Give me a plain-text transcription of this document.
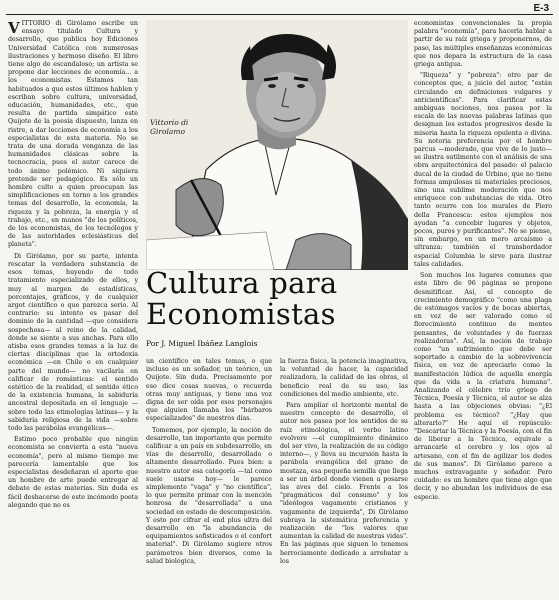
E-3

VITTORIO di Giròlamo escribe un ensayo titulado Cultura y desarrollo, que publica hoy Ediciones Universidad Católica con numerosas ilustraciones y hermoso diseño. El libro tiene algo de escandaloso; un artista se propone dar lecciones de economía... a los economistas. Estamos tan habituados a que estos últimos hablen y escriban sobre cultura, universidad, educación, humanidades, etc., que resulta de partida simpático este Quijote de la poesía dispuesto, lanza en ristre, a dar lecciones de economía a los especialistas de esta materia. No se trata de una dorada venganza de las humanidades clásicas sobre la tecnocracia, pues el autor carece de todo ánimo polémico. Ni siquiera pretende ser pedagógico. Es sólo un hombre culto a quien preocupan las simplificaciones en torno a los grandes temas del desarrollo, la economía, la riqueza y la pobreza, la energía y el trabajo, etc., en manos "de los políticos, de los economistas, de los tecnólogos y de las autoridades eclesiásticas del planeta".

Di Giròlamo, por su parte, intenta rescatar la verdadera substancia de esos temas, huyendo de todo tratamiento especializado de ellos, y muy al margen de estadísticas, porcentajes, gráficos, y de cualquier argot científico o que parezca serio. Al contrario: su intento es pasar del dominio de la cantidad —que considera sospechosa— al reino de la calidad, donde se siente a sus anchas. Para ello atisba esos grandes temas a la luz de ciertas disciplinas que la ortodoxia económica —en Chile o en cualquier parte del mundo— no vacilaría en calificar de románticas: el sentido estético de la realidad, el sentido ético de la existencia humana, la sabiduría ancestral depositada en el lenguaje —sobre todo las etimologías latinas— y la sabiduría religiosa de la vida —sobre todo las parábolas evangélicas—.

Estimo poco probable que ningún economista se convierta a esta "nueva economía", pero al mismo tiempo me parecería lamentable que los especialistas desdeñaran el aporte que un hombre de arte puede entregar al debate de estas materias. Sin duda es fácil deshacerse de este incómodo poeta alegando que no es

Vittorio di Girolamo
Cultura para
Economistas
Por J. Miguel Ibáñez Langlois

un científico en tales temas, o que incluso es un soñador, un teórico, un Quijote. Sin duda. Precisamente por eso dice cosas nuevas, o recuerda otras muy antiguas, y tiene una voz digna de ser oída por esos personajes que alguien llamaba los "bárbaros especializados" de nuestros días.

Tomemos, por ejemplo, la noción de desarrollo, tan importante que permite calificar a un país en subdesarrollo, en vías de desarrollo, desarrollado o altamente desarrollado. Pues bien: a nuestro autor esa categoría —tal como suele usarse hoy— le parece simplemente "vaga" y "no científica", lo que permite primar con la mención honrosa de "desarrollada" a una sociedad en estado de descomposición. Y esto por cifrar el end plus ultra del desarrollo en "la abundancia de equipamientos sofisticados o el confort material". Di Giròlamo sugiere otros parámetros bien diversos, como la salud biológica,

la fuerza física, la potencia imaginativa, la voluntad de hacer, la capacidad realizadora, la calidad de las obras, el beneficio real de su uso, las condiciones del medio ambiente, etc.

Para ampliar el horizonte mental de nuestro concepto de desarrollo, el autor nos pasea por los sentidos de su raíz etimológica, el verbo latino evolvere —el cumplimiento dinámico del ser vivo, la realización de su código interno—, y lleva su incursión hasta la parábola evangélica del grano de mostaza, esa pequeña semilla que llega a ser un árbol donde vienen a posarse las aves del cielo. Frente a los "pragmáticos del consumo" y los "ideólogos vagamente cristianos y vagamente de izquierda", Di Giròlamo subraya la sistemática preferencia y realización de "los valores que aumentan la calidad de nuestras vidas". En las páginas que siguen lo tenemos herrociamente dedicado a arrebatar a los

economistas convencionales la propia palabra "economía", para hacerla hablar a partir de su raíz griega y proponernos, de paso, las múltiples enseñanzas económicas que nos depara la estructura de la casa griega antigua.

"Riqueza" y "pobreza": otro par de conceptos que, a juicio del autor, "están circulando en definiciones vulgares y anticientíficas". Para clarificar estas ambiguas nociones, nos pasea por la escala de las nuevas palabras latinas que designan los estados progresivos desde la miseria hasta la riqueza opulenta o divina. Su notoria preferencia por el hombre parcus —moderado, que vive de lo justo— se ilustra sutilmente con el análisis de una obra arquitectónica del pasado: el palacio ducal de la ciudad de Urbino, que no tiene formas ampulosas ni materiales preciosos, sino una sublime moderación que nos enriquece con substancias de vida. Otro tanto ocurre con los murales de Piero della Francesca: estos ejemplos nos ayudan "a concebir lugares y objetos, pocos, puros y purificantes". No se piense, sin embargo, en un mero arcaísmo a ultranza: también el transbordador espacial Columbia le sirve para ilustrar tales calidades.

Son muchos los lugares comunes que este libro de 96 páginas se propone desmitificar. Así, el concepto de crecimiento demográfico "como una plaga de estómagos vacíos y de bocas abiertas, en vez de ser valorado como el florecimiento continuo de mentes pensantes, de voluntades y de fuerzas realizadoras". Así, la noción de trabajo como "un sufrimiento que debe ser soportado a cambio de la sobrevivencia física, en vez de apreciarlo como la manifestación lúdica de aquella energía que da vida a la criatura humana". Analizando el célebre trío griego de Técnica, Poesía y Técnica, el autor se alza hasta a las objeciones obvias: "¿El problema es técnico? "¿Hay que alterarlo?" He aquí el repúsculo: "Descartar la Técnica y la Poesía, con el fin de liberar a la Técnica, equivale a arrancarle el cerebro y los ojos al artesano, con el fin de agilizar los dedos de sus manos". Di Giròlamo parece a muchos extravagante y soñador. Pero cuidado: es un hombre que tiene algo que decir, y no abundan los individuos de esa especie.
